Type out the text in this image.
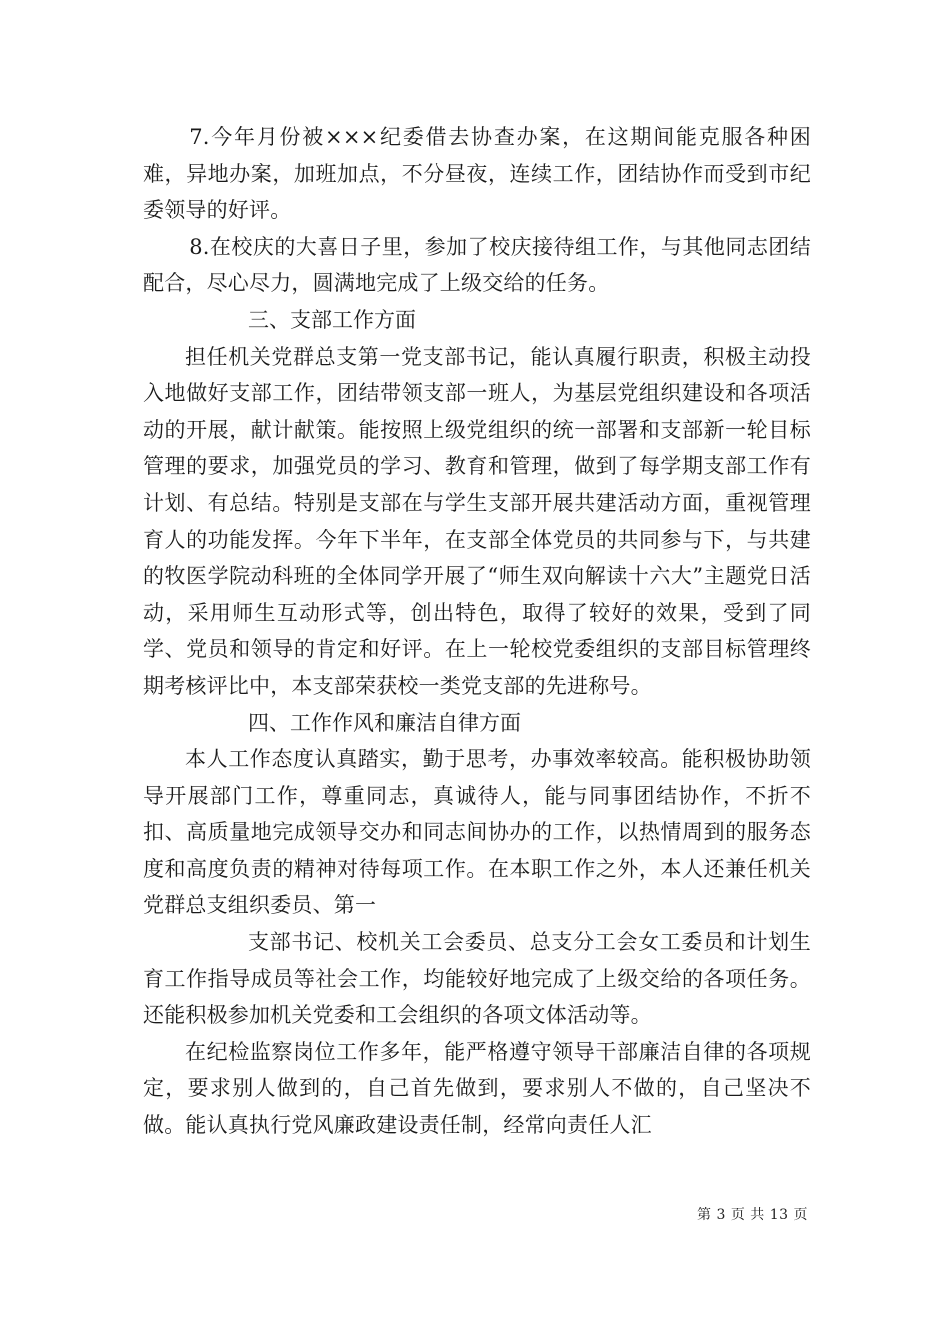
7.今年月份被×××纪委借去协查办案，在这期间能克服各种困难，异地办案，加班加点，不分昼夜，连续工作，团结协作而受到市纪委领导的好评。

8.在校庆的大喜日子里，参加了校庆接待组工作，与其他同志团结配合，尽心尽力，圆满地完成了上级交给的任务。

三、支部工作方面

担任机关党群总支第一党支部书记，能认真履行职责，积极主动投入地做好支部工作，团结带领支部一班人，为基层党组织建设和各项活动的开展，献计献策。能按照上级党组织的统一部署和支部新一轮目标管理的要求，加强党员的学习、教育和管理，做到了每学期支部工作有计划、有总结。特别是支部在与学生支部开展共建活动方面，重视管理育人的功能发挥。今年下半年，在支部全体党员的共同参与下，与共建的牧医学院动科班的全体同学开展了“师生双向解读十六大”主题党日活动，采用师生互动形式等，创出特色，取得了较好的效果，受到了同学、党员和领导的肯定和好评。在上一轮校党委组织的支部目标管理终期考核评比中，本支部荣获校一类党支部的先进称号。

四、工作作风和廉洁自律方面

本人工作态度认真踏实，勤于思考，办事效率较高。能积极协助领导开展部门工作，尊重同志，真诚待人，能与同事团结协作，不折不扣、高质量地完成领导交办和同志间协办的工作，以热情周到的服务态度和高度负责的精神对待每项工作。在本职工作之外，本人还兼任机关党群总支组织委员、第一

支部书记、校机关工会委员、总支分工会女工委员和计划生育工作指导成员等社会工作，均能较好地完成了上级交给的各项任务。还能积极参加机关党委和工会组织的各项文体活动等。

在纪检监察岗位工作多年，能严格遵守领导干部廉洁自律的各项规定，要求别人做到的，自己首先做到，要求别人不做的，自己坚决不做。能认真执行党风廉政建设责任制，经常向责任人汇

第 3 页 共 13 页
